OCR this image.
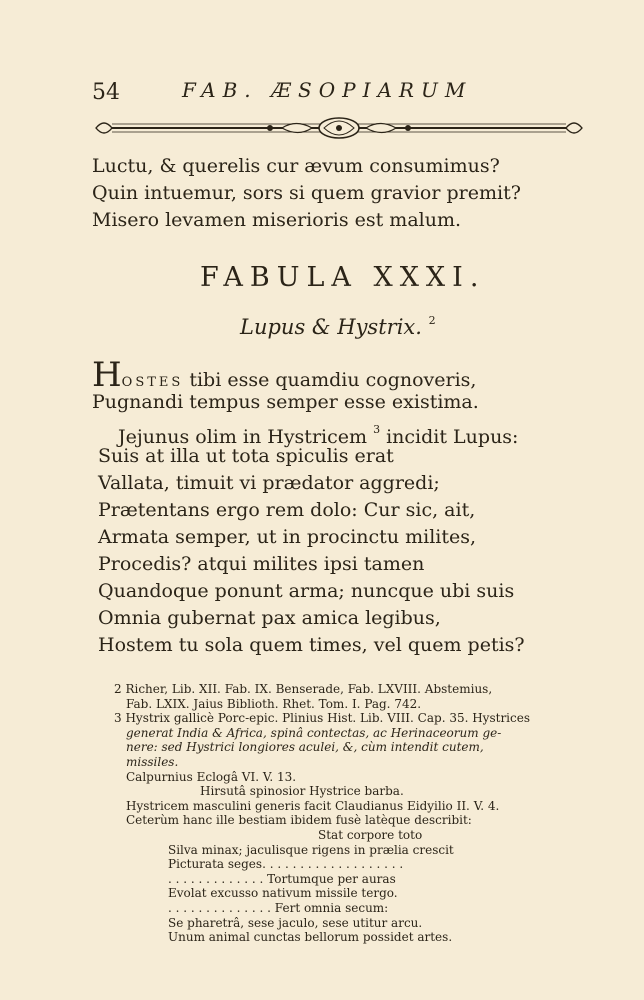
54	FAB. ÆSOPIARUM
Luctu, & querelis cur ævum consumimus?
Quin intuemur, sors si quem gravior premit?
Misero levamen miserioris est malum.
FABULA XXXI.
Lupus & Hystrix. $^2$
HOSTES tibi esse quamdiu cognoveris,
Pugnandi tempus semper esse existima.
Jejunus olim in Hystricem $^3$ incidit Lupus:
Suis at illa ut tota spiculis erat
Vallata, timuit vi prædator aggredi;
Prætentans ergo rem dolo: Cur sic, ait,
Armata semper, ut in procinctu milites,
Procedis? atqui milites ipsi tamen
Quandoque ponunt arma; nuncque ubi suis
Omnia gubernat pax amica legibus,
Hostem tu sola quem times, vel quem petis?
2 Richer, Lib. XII. Fab. IX. Benserade, Fab. LXVIII. Abstemius,
Fab. LXIX. Jaius Biblioth. Rhet. Tom. I. Pag. 742.
3 Hystrix gallicè Porc-epic. Plinius Hist. Lib. VIII. Cap. 35. Hystrices
generat India & Africa, spinâ contectas, ac Herinaceorum ge-
nere: sed Hystrici longiores aculei, &, cùm intendit cutem,
missiles.
Calpurnius Eclogâ VI. V. 13.
Hirsutâ spinosior Hystrice barba.
Hystricem masculini generis facit Claudianus Eidyilio II. V. 4.
Ceterùm hanc ille bestiam ibidem fusè latèque describit:
Stat corpore toto
Silva minax; jaculisque rigens in prælia crescit
Picturata seges. . . . . . . . . . . . . . . . . . .
. . . . . . . . . . . . . Tortumque per auras
Evolat excusso nativum missile tergo.
. . . . . . . . . . . . . . Fert omnia secum:
Se pharetrâ, sese jaculo, sese utitur arcu.
Unum animal cunctas bellorum possidet artes.
